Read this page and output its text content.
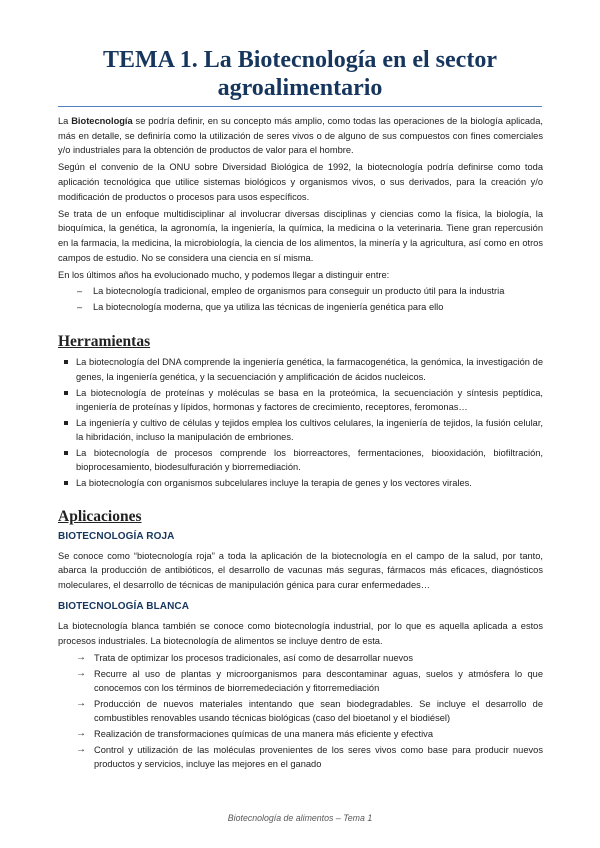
TEMA 1. La Biotecnología en el sector agroalimentario

La Biotecnología se podría definir, en su concepto más amplio, como todas las operaciones de la biología aplicada, más en detalle, se definiría como la utilización de seres vivos o de alguno de sus compuestos con fines comerciales y/o industriales para la obtención de productos de valor para el hombre.

Según el convenio de la ONU sobre Diversidad Biológica de 1992, la biotecnología podría definirse como toda aplicación tecnológica que utilice sistemas biológicos y organismos vivos, o sus derivados, para la creación y/o modificación de productos o procesos para usos específicos.

Se trata de un enfoque multidisciplinar al involucrar diversas disciplinas y ciencias como la física, la biología, la bioquímica, la genética, la agronomía, la ingeniería, la química, la medicina o la veterinaria. Tiene gran repercusión en la farmacia, la medicina, la microbiología, la ciencia de los alimentos, la minería y la agricultura, así como en otros campos de estudio. No se considera una ciencia en sí misma.

En los últimos años ha evolucionado mucho, y podemos llegar a distinguir entre:

– La biotecnología tradicional, empleo de organismos para conseguir un producto útil para la industria
– La biotecnología moderna, que ya utiliza las técnicas de ingeniería genética para ello
Herramientas
La biotecnología del DNA comprende la ingeniería genética, la farmacogenética, la genómica, la investigación de genes, la ingeniería genética, y la secuenciación y amplificación de ácidos nucleicos.
La biotecnología de proteínas y moléculas se basa en la proteómica, la secuenciación y síntesis peptídica, ingeniería de proteínas y lípidos, hormonas y factores de crecimiento, receptores, feromonas…
La ingeniería y cultivo de células y tejidos emplea los cultivos celulares, la ingeniería de tejidos, la fusión celular, la hibridación, incluso la manipulación de embriones.
La biotecnología de procesos comprende los biorreactores, fermentaciones, biooxidación, biofiltración, bioprocesamiento, biodesulfuración y biorremediación.
La biotecnología con organismos subcelulares incluye la terapia de genes y los vectores virales.
Aplicaciones
BIOTECNOLOGÍA ROJA

Se conoce como “biotecnología roja” a toda la aplicación de la biotecnología en el campo de la salud, por tanto, abarca la producción de antibióticos, el desarrollo de vacunas más seguras, fármacos más eficaces, diagnósticos moleculares, el desarrollo de técnicas de manipulación génica para curar enfermedades…

BIOTECNOLOGÍA BLANCA

La biotecnología blanca también se conoce como biotecnología industrial, por lo que es aquella aplicada a estos procesos industriales. La biotecnología de alimentos se incluye dentro de esta.

→ Trata de optimizar los procesos tradicionales, así como de desarrollar nuevos
→ Recurre al uso de plantas y microorganismos para descontaminar aguas, suelos y atmósfera lo que conocemos con los términos de biorremedeciación y fitorremediación
→ Producción de nuevos materiales intentando que sean biodegradables. Se incluye el desarrollo de combustibles renovables usando técnicas biológicas (caso del bioetanol y el biodiésel)
→ Realización de transformaciones químicas de una manera más eficiente y efectiva
→ Control y utilización de las moléculas provenientes de los seres vivos como base para producir nuevos productos y servicios, incluye las mejores en el ganado
Biotecnología de alimentos – Tema 1
